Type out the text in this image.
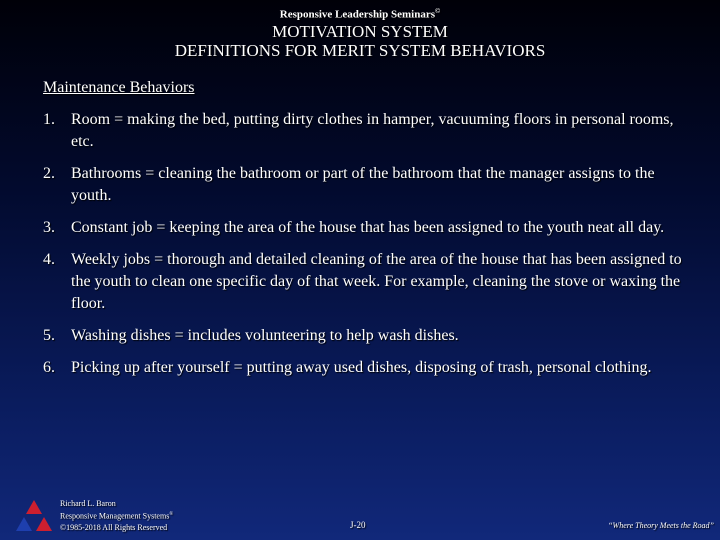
Responsive Leadership Seminars©
MOTIVATION SYSTEM
DEFINITIONS FOR MERIT SYSTEM BEHAVIORS
Maintenance Behaviors
1.	Room = making the bed, putting dirty clothes in hamper, vacuuming floors in personal rooms, etc.
2.	Bathrooms = cleaning the bathroom or part of the bathroom that the manager assigns to the youth.
3.	Constant job = keeping the area of the house that has been assigned to the youth neat all day.
4.	Weekly jobs = thorough and detailed cleaning of the area of the house that has been assigned to the youth to clean one specific day of that week. For example, cleaning the stove or waxing the floor.
5.	Washing dishes = includes volunteering to help wash dishes.
6.	Picking up after yourself = putting away used dishes, disposing of trash, personal clothing.
Richard L. Baron
Responsive Management Systems®
©1985-2018 All Rights Reserved	J-20	“Where Theory Meets the Road”
